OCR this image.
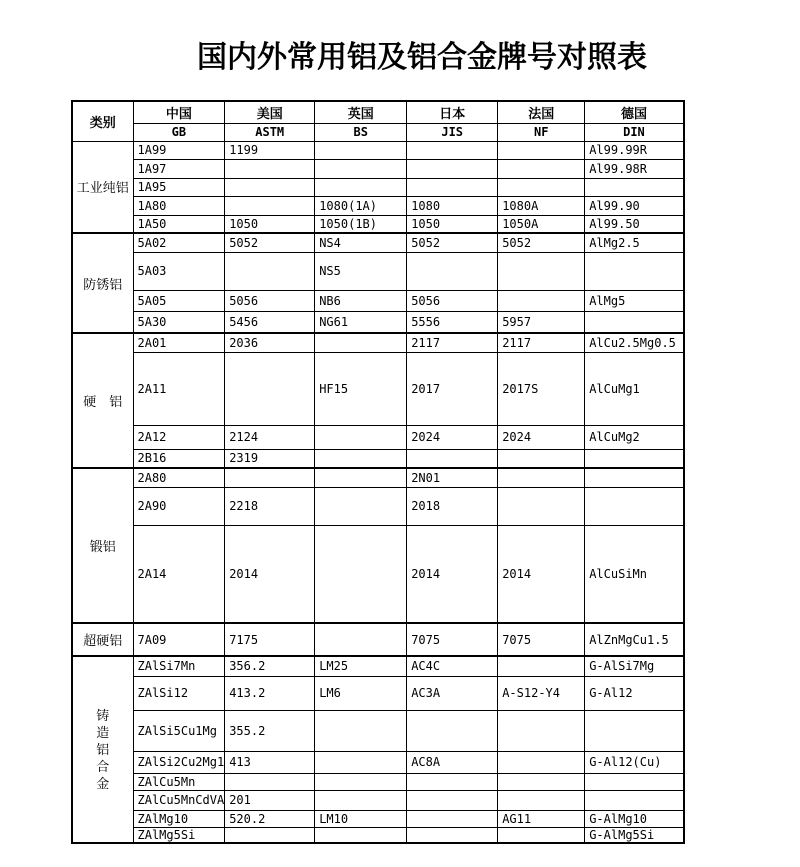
国内外常用铝及铝合金牌号对照表
类别	中国	美国	英国	日本	法国	德国
	GB	ASTM	BS	JIS	NF	DIN
工业纯铝	1A99	1199				Al99.99R
	1A97					Al99.98R
	1A95					
	1A80		1080(1A)	1080	1080A	Al99.90
	1A50	1050	1050(1B)	1050	1050A	Al99.50
防锈铝	5A02	5052	NS4	5052	5052	AlMg2.5
	5A03		NS5			
	5A05	5056	NB6	5056		AlMg5
	5A30	5456	NG61	5556	5957	
硬　铝	2A01	2036		2117	2117	AlCu2.5Mg0.5
	2A11		HF15	2017	2017S	AlCuMg1
	2A12	2124		2024	2024	AlCuMg2
	2B16	2319				
锻铝	2A80			2N01		
	2A90	2218		2018		
	2A14	2014		2014	2014	AlCuSiMn
超硬铝	7A09	7175		7075	7075	AlZnMgCu1.5
铸造铝合金	ZAlSi7Mn	356.2	LM25	AC4C		G-AlSi7Mg
	ZAlSi12	413.2	LM6	AC3A	A-S12-Y4	G-Al12
	ZAlSi5Cu1Mg	355.2				
	ZAlSi2Cu2Mg1	413		AC8A		G-Al12(Cu)
	ZAlCu5Mn					
	ZAlCu5MnCdVA	201				
	ZAlMg10	520.2	LM10		AG11	G-AlMg10
	ZAlMg5Si					G-AlMg5Si
